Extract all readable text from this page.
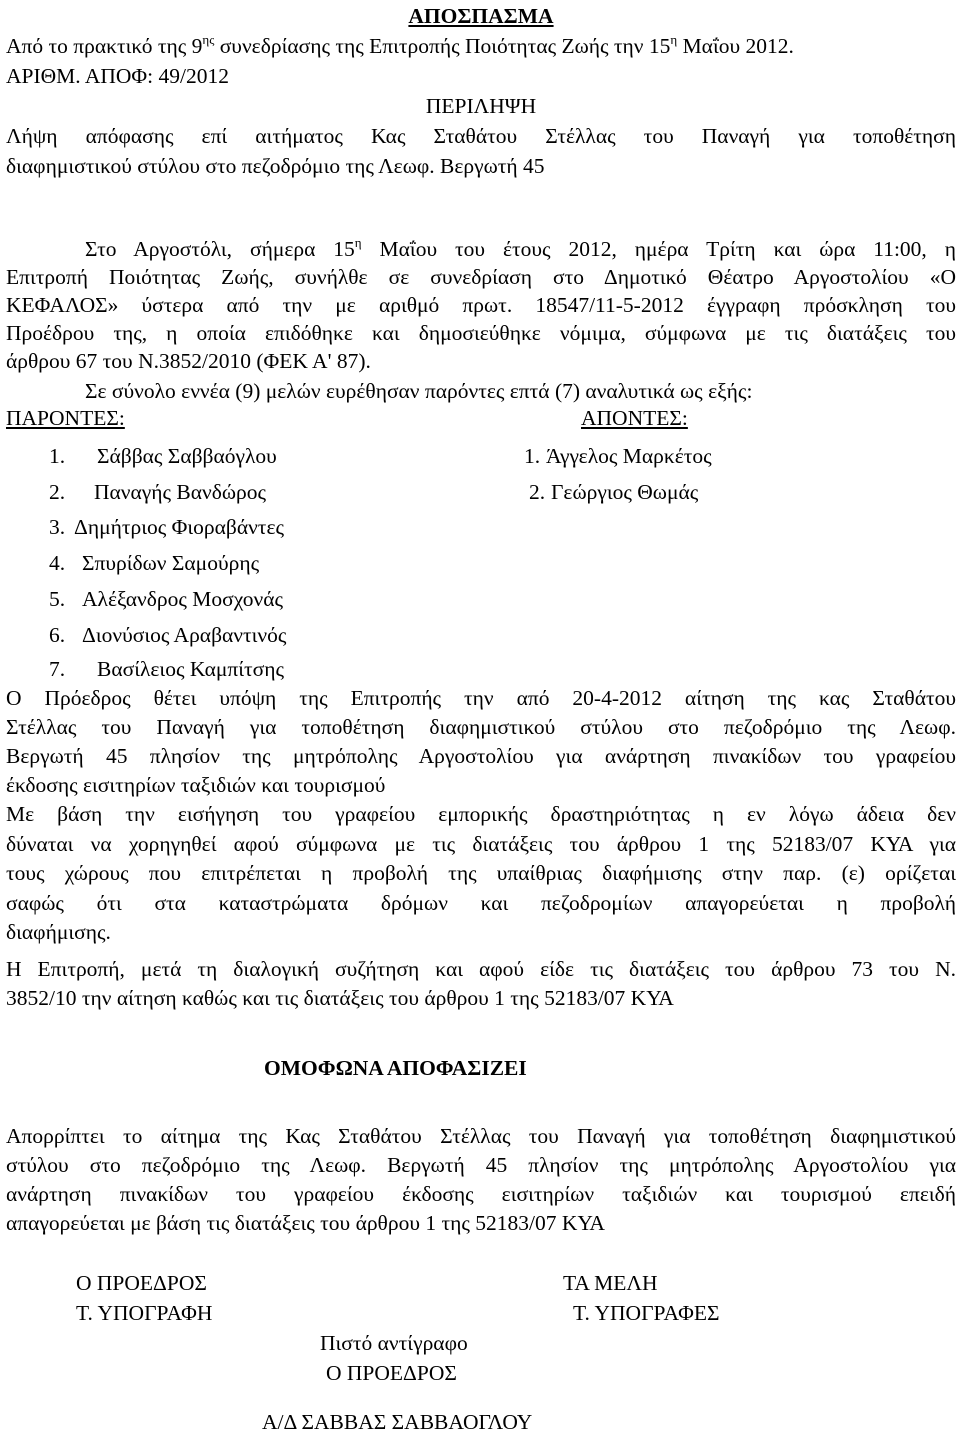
ΑΠΟΣΠΑΣΜΑ
Από το πρακτικό της $9^{\eta\varsigma}$ συνεδρίασης της Επιτροπής Ποιότητας Ζωής την $15^\eta$ Μαΐου 2012.
ΑΡΙΘΜ. ΑΠΟΦ: 49/2012
ΠΕΡΙΛΗΨΗ
Λήψη απόφασης επί αιτήματος Κας Σταθάτου Στέλλας του Παναγή για τοποθέτηση
διαφημιστικού στύλου στο πεζοδρόμιο της Λεωφ. Βεργωτή 45
Στο Αργοστόλι, σήμερα $15^\eta$ Μαΐου του έτους 2012, ημέρα Τρίτη και ώρα 11:00, η
Επιτροπή Ποιότητας Ζωής, συνήλθε σε συνεδρίαση στο Δημοτικό Θέατρο Αργοστολίου «Ο
ΚΕΦΑΛΟΣ» ύστερα από την με αριθμό πρωτ. 18547/11-5-2012 έγγραφη πρόσκληση του
Προέδρου της, η οποία επιδόθηκε και δημοσιεύθηκε νόμιμα, σύμφωνα με τις διατάξεις του
άρθρου 67 του Ν.3852/2010 (ΦΕΚ Α' 87).
Σε σύνολο εννέα (9) μελών ευρέθησαν παρόντες επτά (7) αναλυτικά ως εξής:
ΠΑΡΟΝΤΕΣ:	ΑΠΟΝΤΕΣ:
1. Σάββας Σαββαόγλου
2. Παναγής Βανδώρος
3. Δημήτριος Φιοραβάντες
4. Σπυρίδων Σαμούρης
5. Αλέξανδρος Μοσχονάς
6. Διονύσιος Αραβαντινός
7. Βασίλειος Καμπίτσης
1. Άγγελος Μαρκέτος
2. Γεώργιος Θωμάς
Ο Πρόεδρος θέτει υπόψη της Επιτροπής την από 20-4-2012 αίτηση της κας Σταθάτου
Στέλλας του Παναγή για τοποθέτηση διαφημιστικού στύλου στο πεζοδρόμιο της Λεωφ.
Βεργωτή 45 πλησίον της μητρόπολης Αργοστολίου για ανάρτηση πινακίδων του γραφείου
έκδοσης εισιτηρίων ταξιδιών και τουρισμού
Με βάση την εισήγηση του γραφείου εμπορικής δραστηριότητας η εν λόγω άδεια δεν
δύναται να χορηγηθεί αφού σύμφωνα με τις διατάξεις του άρθρου 1 της 52183/07 ΚΥΑ για
τους χώρους που επιτρέπεται η προβολή της υπαίθριας διαφήμισης στην παρ. (ε) ορίζεται
σαφώς ότι στα καταστρώματα δρόμων και πεζοδρομίων απαγορεύεται η προβολή
διαφήμισης.
Η Επιτροπή, μετά τη διαλογική συζήτηση και αφού είδε τις διατάξεις του άρθρου 73 του Ν.
3852/10 την αίτηση καθώς και τις διατάξεις του άρθρου 1 της 52183/07 ΚΥΑ
ΟΜΟΦΩΝΑ ΑΠΟΦΑΣΙΖΕΙ
Απορρίπτει το αίτημα της Κας Σταθάτου Στέλλας του Παναγή για τοποθέτηση διαφημιστικού
στύλου στο πεζοδρόμιο της Λεωφ. Βεργωτή 45 πλησίον της μητρόπολης Αργοστολίου για
ανάρτηση πινακίδων του γραφείου έκδοσης εισιτηρίων ταξιδιών και τουρισμού επειδή
απαγορεύεται με βάση τις διατάξεις του άρθρου 1 της 52183/07 ΚΥΑ
Ο ΠΡΟΕΔΡΟΣ	ΤΑ ΜΕΛΗ
Τ. ΥΠΟΓΡΑΦΗ	Τ. ΥΠΟΓΡΑΦΕΣ
Πιστό αντίγραφο
Ο ΠΡΟΕΔΡΟΣ
Α/Δ ΣΑΒΒΑΣ ΣΑΒΒΑΟΓΛΟΥ
